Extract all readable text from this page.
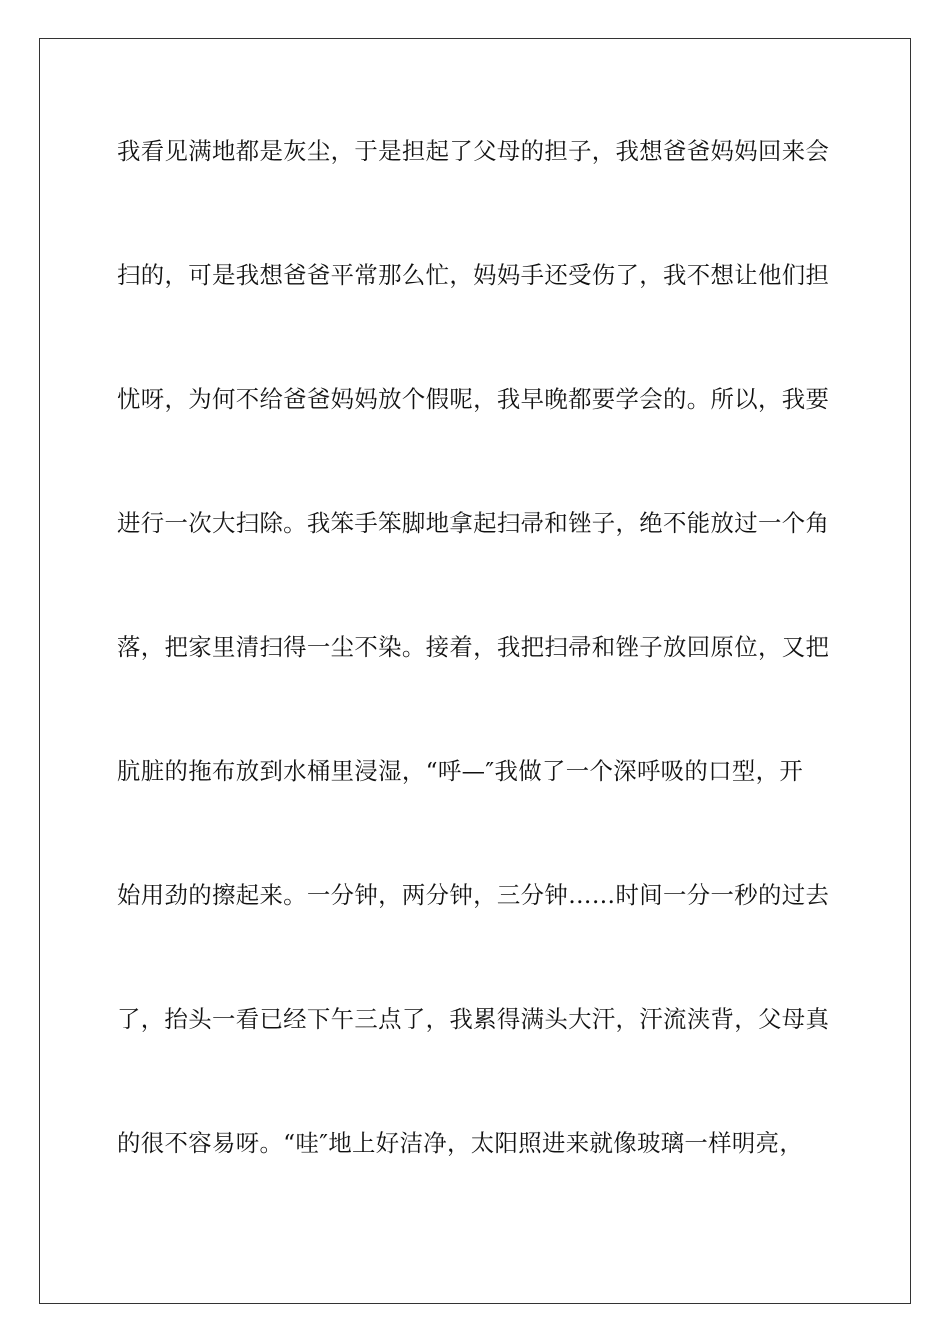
我看见满地都是灰尘，于是担起了父母的担子，我想爸爸妈妈回来会
扫的，可是我想爸爸平常那么忙，妈妈手还受伤了，我不想让他们担
忧呀，为何不给爸爸妈妈放个假呢，我早晚都要学会的。所以，我要
进行一次大扫除。我笨手笨脚地拿起扫帚和锉子，绝不能放过一个角
落，把家里清扫得一尘不染。接着，我把扫帚和锉子放回原位，又把
肮脏的拖布放到水桶里浸湿，“呼—″我做了一个深呼吸的口型，开
始用劲的擦起来。一分钟，两分钟，三分钟……时间一分一秒的过去
了，抬头一看已经下午三点了，我累得满头大汗，汗流浃背，父母真
的很不容易呀。“哇″地上好洁净，太阳照进来就像玻璃一样明亮，
